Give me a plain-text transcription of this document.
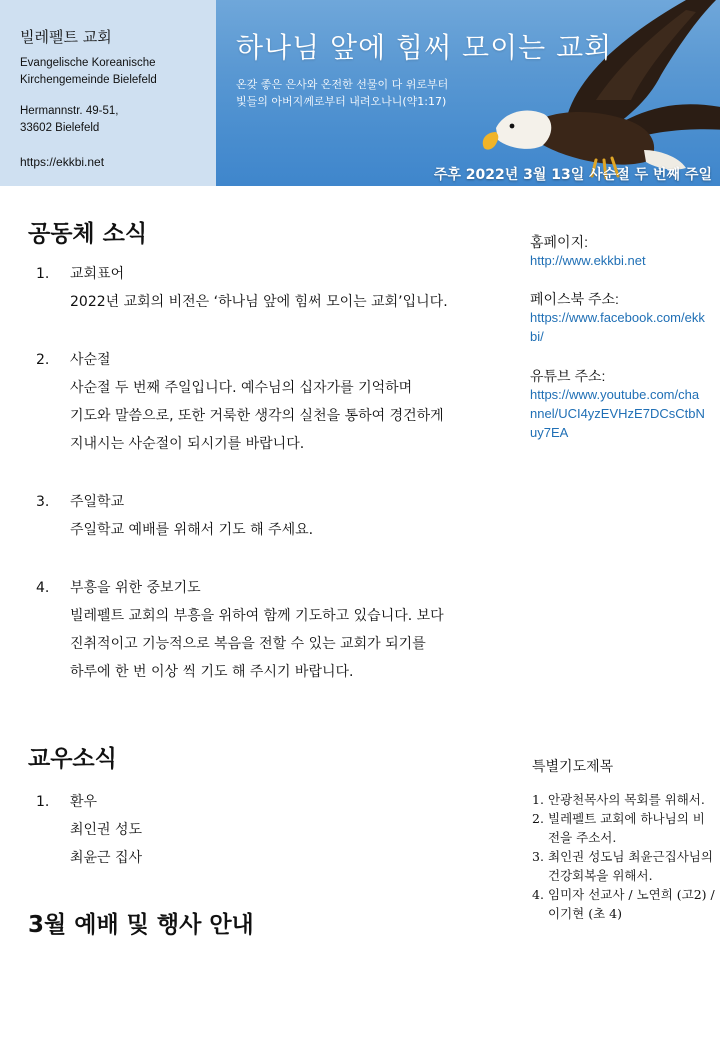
빌레펠트 교회
Evangelische Koreanische
Kirchengemeinde Bielefeld
Hermannstr. 49-51,
33602 Bielefeld
https://ekkbi.net
하나님 앞에 힘써 모이는 교회
온갖 좋은 은사와 온전한 선물이 다 위로부터
빛들의 아버지께로부터 내려오나니(약1:17)
주후 2022년 3월 13일 사순절 두 번째 주일
공동체 소식
1.	교회표어
2022년 교회의 비전은 ‘하나님 앞에 힘써 모이는 교회’입니다.
2.	사순절
사순절 두 번째 주일입니다. 예수님의 십자가를 기억하며
기도와 말씀으로, 또한 거룩한 생각의 실천을 통하여 경건하게
지내시는 사순절이 되시기를 바랍니다.
3.	주일학교
주일학교 예배를 위해서 기도 해 주세요.
4.	부흥을 위한 중보기도
빌레펠트 교회의 부흥을 위하여 함께 기도하고 있습니다. 보다
진취적이고 기능적으로 복음을 전할 수 있는 교회가 되기를
하루에 한 번 이상 씩 기도 해 주시기 바랍니다.
교우소식
1.	환우
최인권 성도
최윤근 집사
3월 예배 및 행사 안내
홈페이지:
http://www.ekkbi.net
페이스북 주소:
https://www.facebook.com/ekkbi/
유튜브 주소:
https://www.youtube.com/channel/UCI4yzEVHzE7DCsCtbNuy7EA
특별기도제목
1. 안광천목사의 목회를 위해서.
2. 빌레펠트 교회에 하나님의 비전을 주소서.
3. 최인권 성도님 최윤근집사님의 건강회복을 위해서.
4. 임미자 선교사 / 노연희 (고2) / 이기현 (초 4)
